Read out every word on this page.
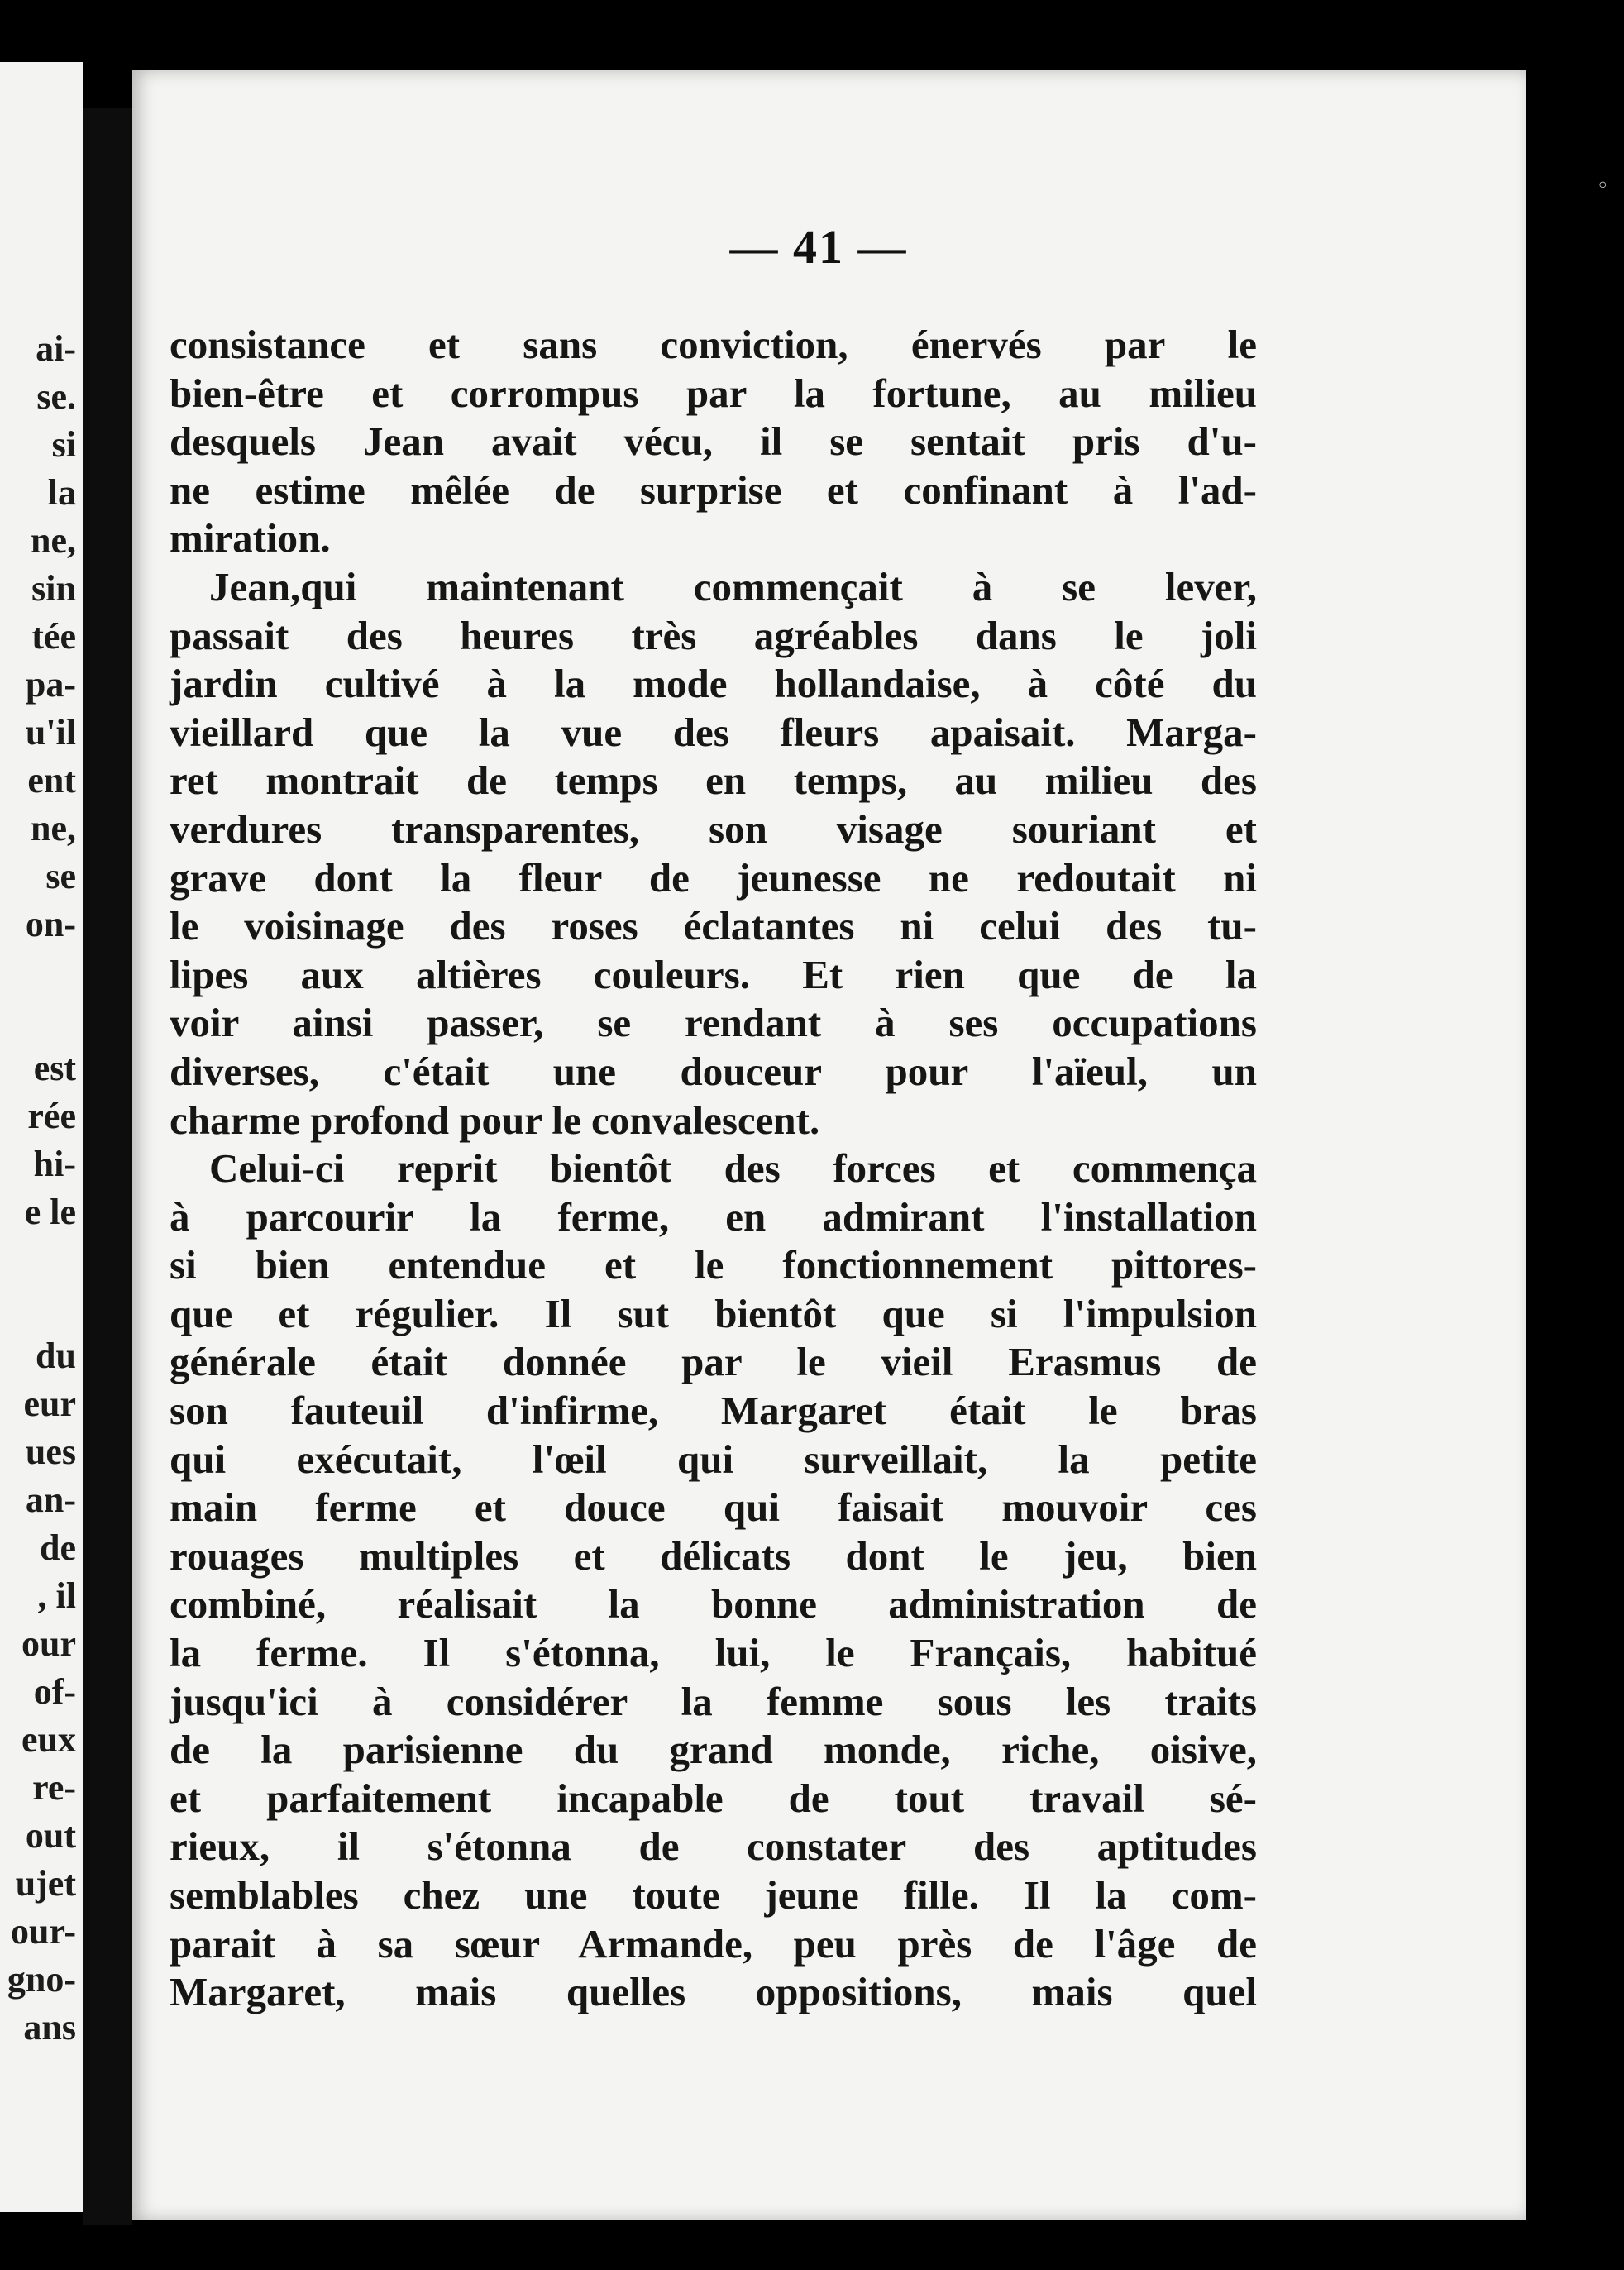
ai-
se.
si
la
ne,
sin
tée
pa-
u'il
ent
ne,
se
on-
est
rée
hi-
e le
du
eur
ues
an-
de
, il
our
of-
eux
re-
out
ujet
our-
gno-
ans
— 41 —
consistance et sans conviction, énervés par le
bien-être et corrompus par la fortune, au milieu
desquels Jean avait vécu, il se sentait pris d'u-
ne estime mêlée de surprise et confinant à l'ad-
miration.
Jean,qui maintenant commençait à se lever,
passait des heures très agréables dans le joli
jardin cultivé à la mode hollandaise, à côté du
vieillard que la vue des fleurs apaisait. Marga-
ret montrait de temps en temps, au milieu des
verdures transparentes, son visage souriant et
grave dont la fleur de jeunesse ne redoutait ni
le voisinage des roses éclatantes ni celui des tu-
lipes aux altières couleurs. Et rien que de la
voir ainsi passer, se rendant à ses occupations
diverses, c'était une douceur pour l'aïeul, un
charme profond pour le convalescent.
Celui-ci reprit bientôt des forces et commença
à parcourir la ferme, en admirant l'installation
si bien entendue et le fonctionnement pittores-
que et régulier. Il sut bientôt que si l'impulsion
générale était donnée par le vieil Erasmus de
son fauteuil d'infirme, Margaret était le bras
qui exécutait, l'œil qui surveillait, la petite
main ferme et douce qui faisait mouvoir ces
rouages multiples et délicats dont le jeu, bien
combiné, réalisait la bonne administration de
la ferme. Il s'étonna, lui, le Français, habitué
jusqu'ici à considérer la femme sous les traits
de la parisienne du grand monde, riche, oisive,
et parfaitement incapable de tout travail sé-
rieux, il s'étonna de constater des aptitudes
semblables chez une toute jeune fille. Il la com-
parait à sa sœur Armande, peu près de l'âge de
Margaret, mais quelles oppositions, mais quel
◦
